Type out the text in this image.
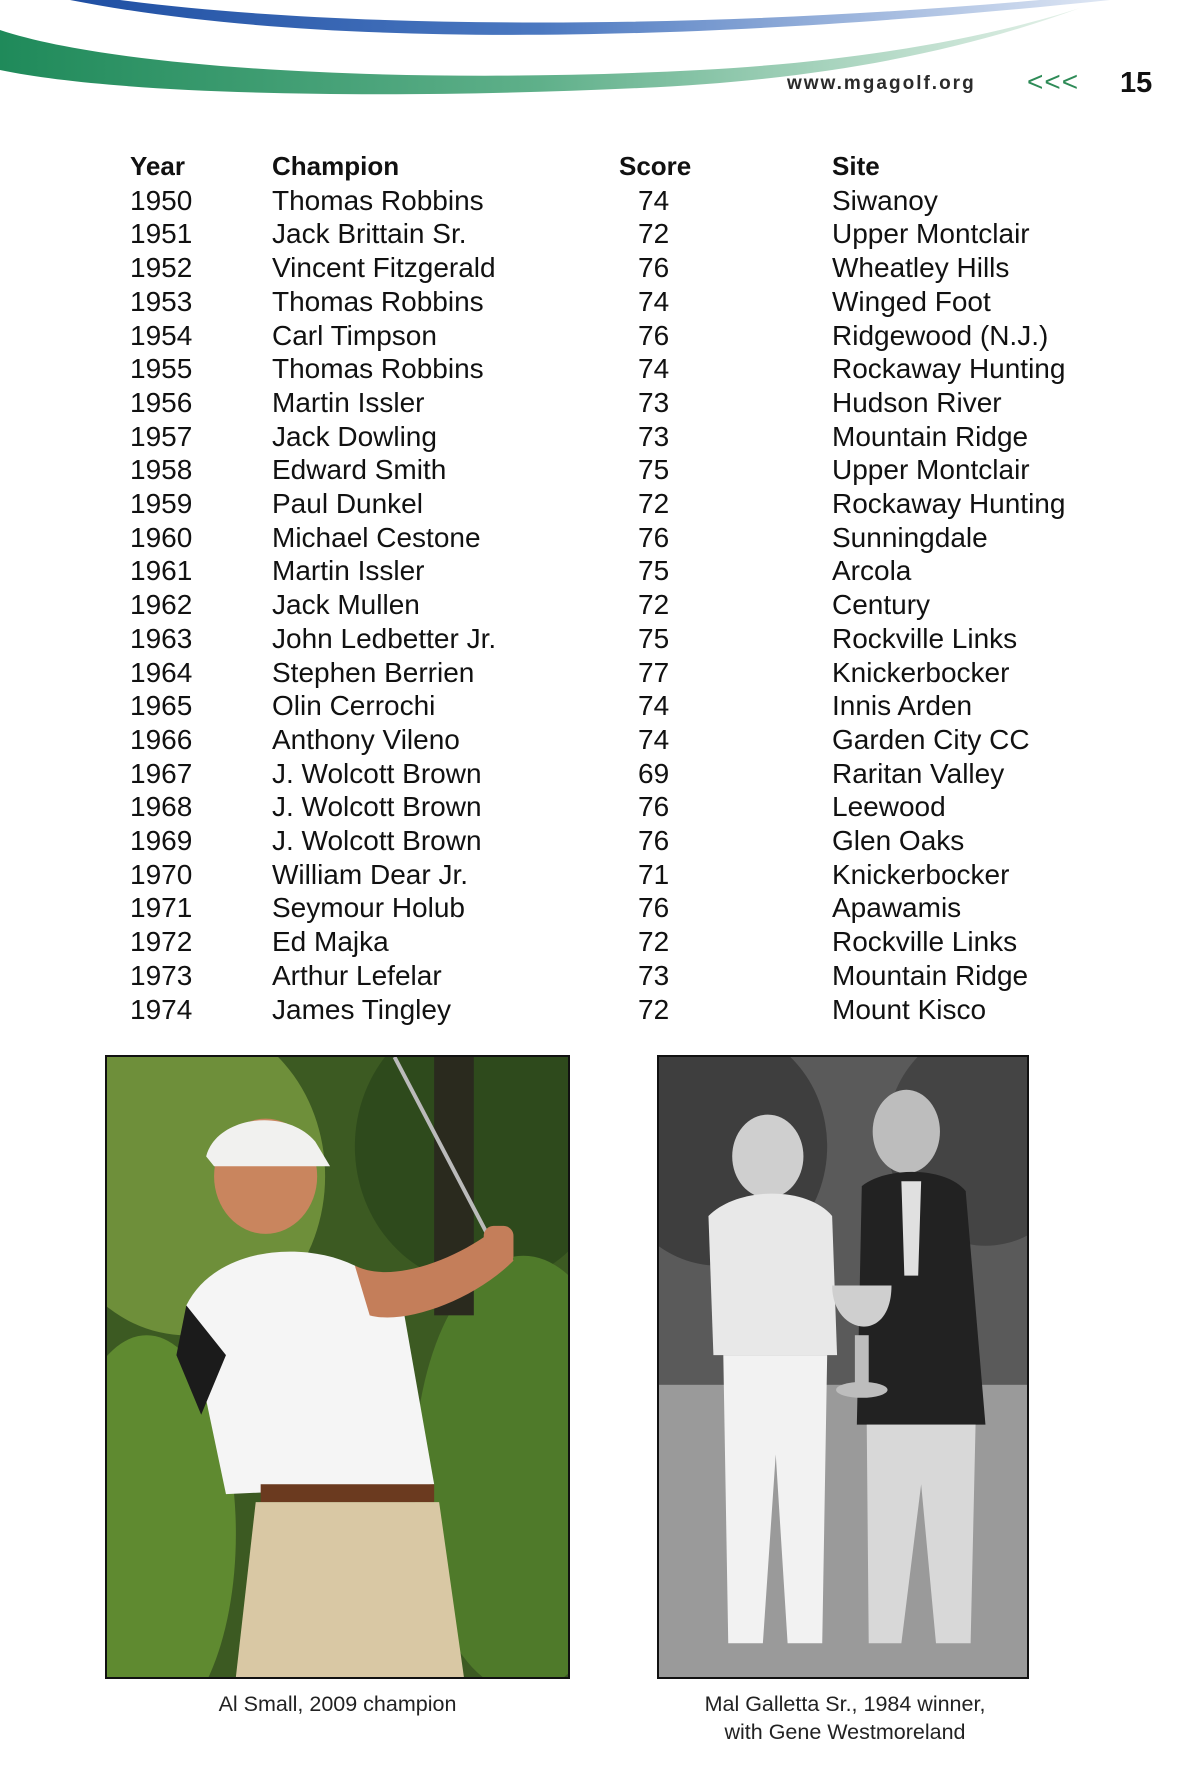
www.mgagolf.org <<< 15
Year	Champion	Score	Site
1950	Thomas Robbins	74	Siwanoy
1951	Jack Brittain Sr.	72	Upper Montclair
1952	Vincent Fitzgerald	76	Wheatley Hills
1953	Thomas Robbins	74	Winged Foot
1954	Carl Timpson	76	Ridgewood (N.J.)
1955	Thomas Robbins	74	Rockaway Hunting
1956	Martin Issler	73	Hudson River
1957	Jack Dowling	73	Mountain Ridge
1958	Edward Smith	75	Upper Montclair
1959	Paul Dunkel	72	Rockaway Hunting
1960	Michael Cestone	76	Sunningdale
1961	Martin Issler	75	Arcola
1962	Jack Mullen	72	Century
1963	John Ledbetter Jr.	75	Rockville Links
1964	Stephen Berrien	77	Knickerbocker
1965	Olin Cerrochi	74	Innis Arden
1966	Anthony Vileno	74	Garden City CC
1967	J. Wolcott Brown	69	Raritan Valley
1968	J. Wolcott Brown	76	Leewood
1969	J. Wolcott Brown	76	Glen Oaks
1970	William Dear Jr.	71	Knickerbocker
1971	Seymour Holub	76	Apawamis
1972	Ed Majka	72	Rockville Links
1973	Arthur Lefelar	73	Mountain Ridge
1974	James Tingley	72	Mount Kisco
Al Small, 2009 champion	Mal Galletta Sr., 1984 winner,
with Gene Westmoreland
